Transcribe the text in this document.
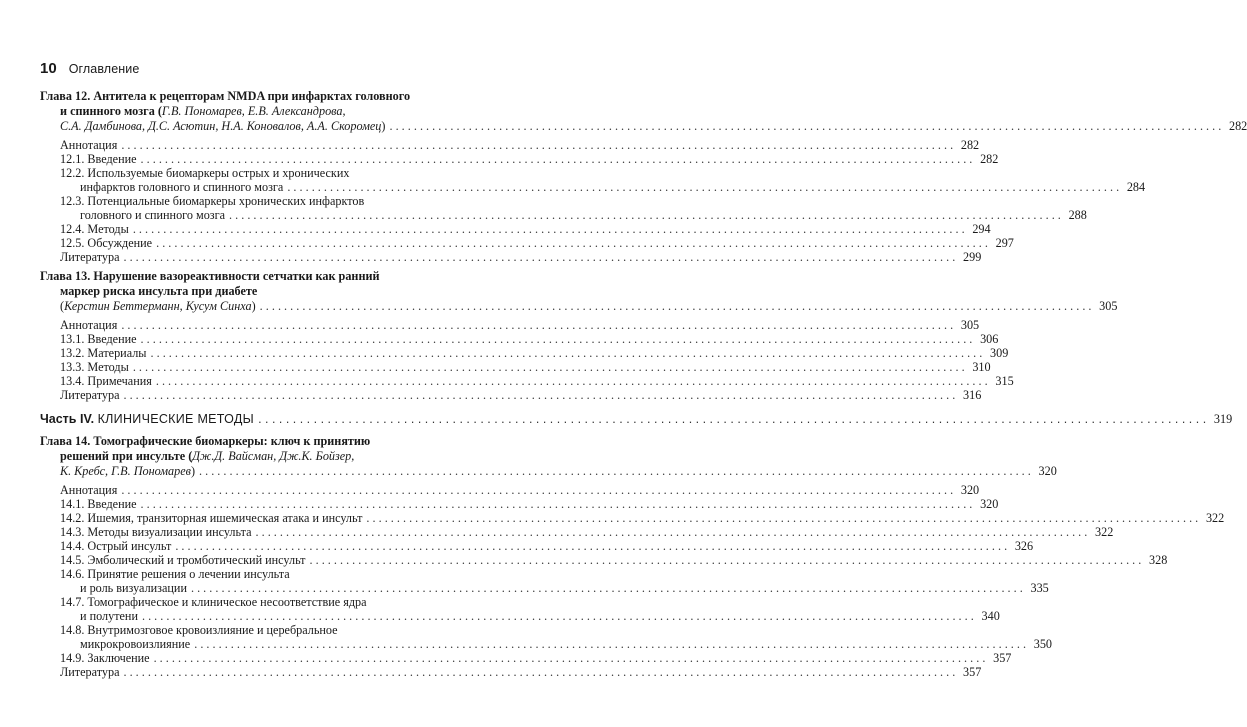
10 Оглавление
Глава 12. Антитела к рецепторам NMDA при инфарктах головного
и спинного мозга (Г.В. Пономарев, Е.В. Александрова,
С.А. Дамбинова, Д.С. Асютин, Н.А. Коновалов, А.А. Скоромец) . . .	282
Аннотация . . .	282
12.1. Введение . . .	282
12.2. Используемые биомаркеры острых и хронических
инфарктов головного и спинного мозга . . .	284
12.3. Потенциальные биомаркеры хронических инфарктов
головного и спинного мозга . . .	288
12.4. Методы . . .	294
12.5. Обсуждение . . .	297
Литература . . .	299
Глава 13. Нарушение вазореактивности сетчатки как ранний
маркер риска инсульта при диабете
(Керстин Беттерманн, Кусум Синха) . . .	305
Аннотация . . .	305
13.1. Введение . . .	306
13.2. Материалы . . .	309
13.3. Методы . . .	310
13.4. Примечания . . .	315
Литература . . .	316
Часть IV. КЛИНИЧЕСКИЕ МЕТОДЫ . . .	319
Глава 14. Томографические биомаркеры: ключ к принятию
решений при инсульте (Дж.Д. Вайсман, Дж.К. Бойзер,
К. Кребс, Г.В. Пономарев) . . .	320
Аннотация . . .	320
14.1. Введение . . .	320
14.2. Ишемия, транзиторная ишемическая атака и инсульт . . .	322
14.3. Методы визуализации инсульта . . .	322
14.4. Острый инсульт . . .	326
14.5. Эмболический и тромботический инсульт . . .	328
14.6. Принятие решения о лечении инсульта
и роль визуализации . . .	335
14.7. Томографическое и клиническое несоответствие ядра
и полутени . . .	340
14.8. Внутримозговое кровоизлияние и церебральное
микрокровоизлияние . . .	350
14.9. Заключение . . .	357
Литература . . .	357
